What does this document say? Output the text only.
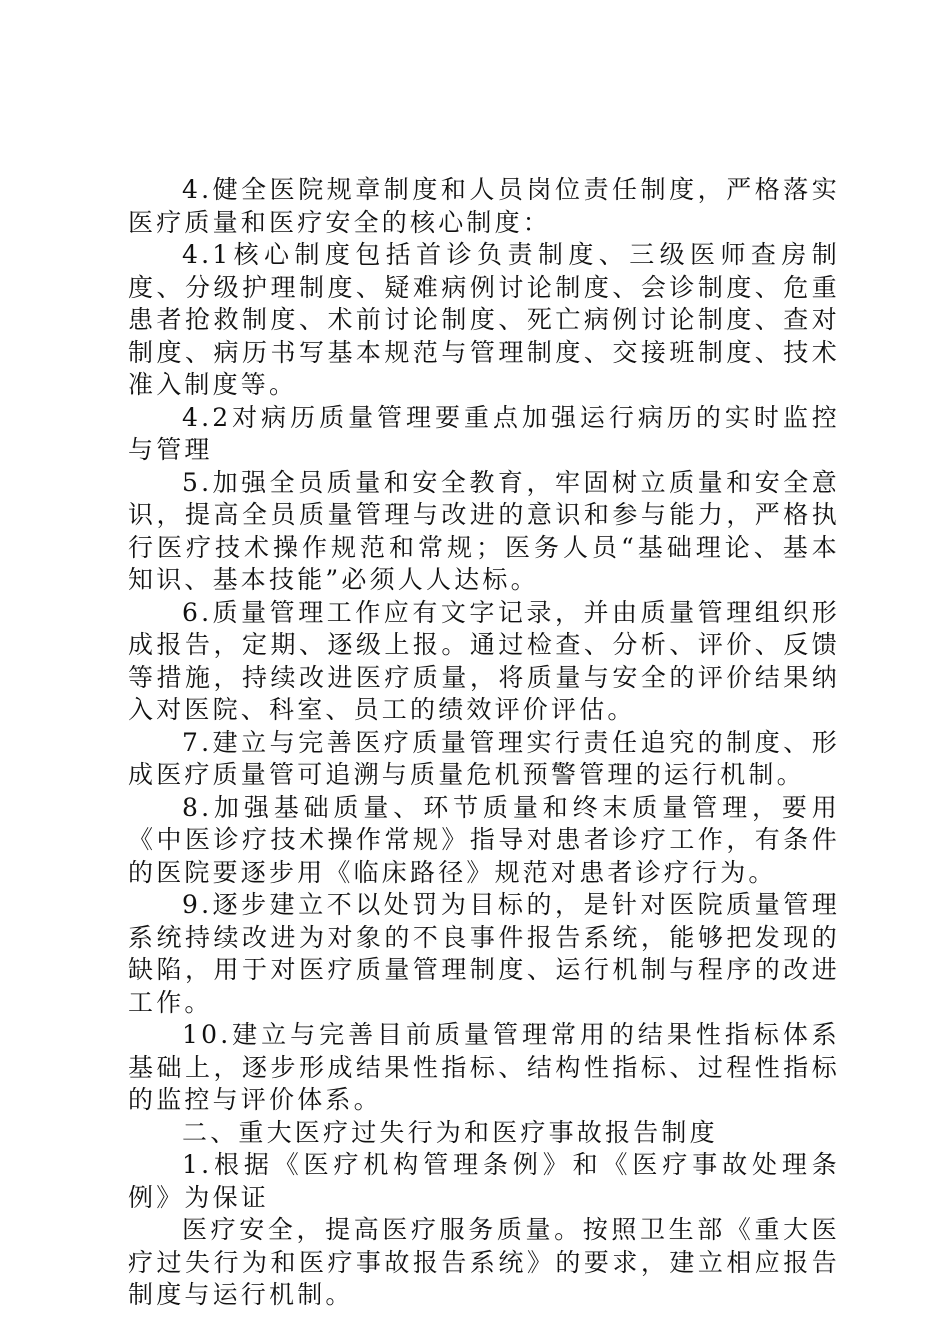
4.健全医院规章制度和人员岗位责任制度，严格落实医疗质量和医疗安全的核心制度：

4.1核心制度包括首诊负责制度、三级医师查房制度、分级护理制度、疑难病例讨论制度、会诊制度、危重患者抢救制度、术前讨论制度、死亡病例讨论制度、查对制度、病历书写基本规范与管理制度、交接班制度、技术准入制度等。

4.2对病历质量管理要重点加强运行病历的实时监控与管理

5.加强全员质量和安全教育，牢固树立质量和安全意识，提高全员质量管理与改进的意识和参与能力，严格执行医疗技术操作规范和常规；医务人员“基础理论、基本知识、基本技能”必须人人达标。

6.质量管理工作应有文字记录，并由质量管理组织形成报告，定期、逐级上报。通过检查、分析、评价、反馈等措施，持续改进医疗质量，将质量与安全的评价结果纳入对医院、科室、员工的绩效评价评估。

7.建立与完善医疗质量管理实行责任追究的制度、形成医疗质量管可追溯与质量危机预警管理的运行机制。

8.加强基础质量、环节质量和终末质量管理，要用《中医诊疗技术操作常规》指导对患者诊疗工作，有条件的医院要逐步用《临床路径》规范对患者诊疗行为。

9.逐步建立不以处罚为目标的，是针对医院质量管理系统持续改进为对象的不良事件报告系统，能够把发现的缺陷，用于对医疗质量管理制度、运行机制与程序的改进工作。

10.建立与完善目前质量管理常用的结果性指标体系基础上，逐步形成结果性指标、结构性指标、过程性指标的监控与评价体系。

二、重大医疗过失行为和医疗事故报告制度

1.根据《医疗机构管理条例》和《医疗事故处理条例》为保证

医疗安全，提高医疗服务质量。按照卫生部《重大医疗过失行为和医疗事故报告系统》的要求，建立相应报告制度与运行机制。
